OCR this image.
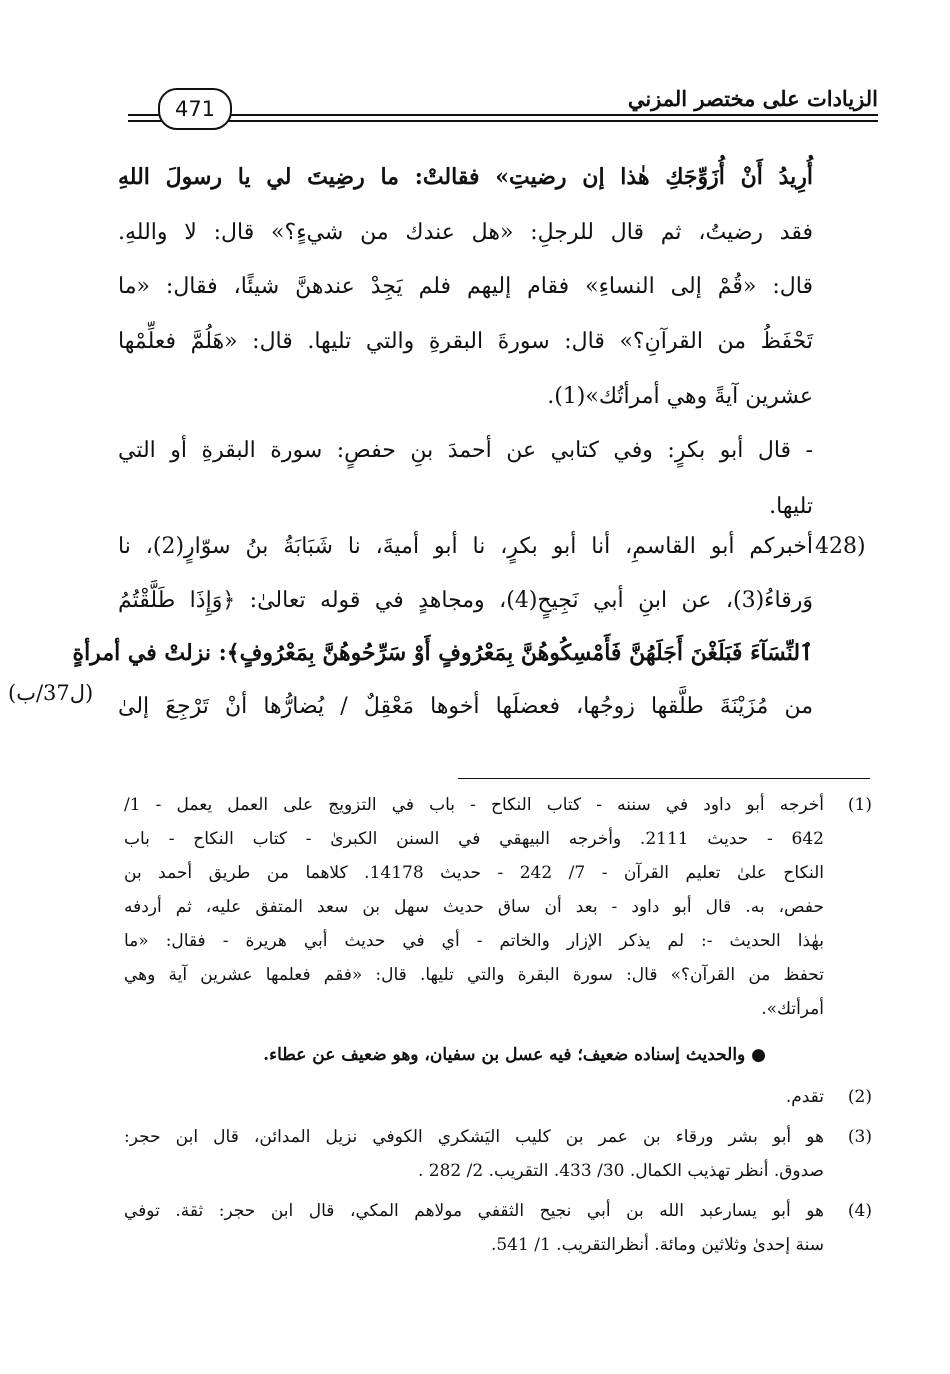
الزيادات على مختصر المزني
471
أُرِيدُ أَنْ أُزَوِّجَكِ هٰذا إن رضيتِ» فقالتْ: ما رضِيتَ لي يا رسولَ اللهِ
فقد رضيتُ، ثم قال للرجلِ: «هل عندك من شيءٍ؟» قال: لا واللهِ.
قال: «قُمْ إلى النساءِ» فقام إليهم فلم يَجِدْ عندهنَّ شيئًا، فقال: «ما
تَحْفَظُ من القرآنِ؟» قال: سورةَ البقرةِ والتي تليها. قال: «هَلُمَّ فعلِّمْها
عشرين آيةً وهي أمرأتُك»(1).
- قال أبو بكرٍ: وفي كتابي عن أحمدَ بنِ حفصٍ: سورة البقرةِ أو التي
تليها.
أخبركم أبو القاسمِ، أنا أبو بكرٍ، نا أبو أميةَ، نا شَبَابَةُ بنُ سوّارٍ(2)، نا
وَرقاءُ(3)، عن ابنِ أبي نَجِيحٍ(4)، ومجاهدٍ في قوله تعالىٰ: ﴿وَإِذَا طَلَّقْتُمُ
ٱلنِّسَآءَ فَبَلَغْنَ أَجَلَهُنَّ فَأَمْسِكُوهُنَّ بِمَعْرُوفٍ أَوْ سَرِّحُوهُنَّ بِمَعْرُوفٍ﴾: نزلتْ في أمرأةٍ
من مُزَيْنَةَ طلَّقها زوجُها، فعضلَها أخوها مَعْقِلٌ / يُضارُّها أنْ تَرْجِعَ إلىٰ
428)
(ل37/ب)
(1)
أخرجه أبو داود في سننه - كتاب النكاح - باب في التزويج على العمل يعمل - 1/
642 - حديث 2111. وأخرجه البيهقي في السنن الكبرىٰ - كتاب النكاح - باب
النكاح علىٰ تعليم القرآن - 7/ 242 - حديث 14178. كلاهما من طريق أحمد بن
حفص، به. قال أبو داود - بعد أن ساق حديث سهل بن سعد المتفق عليه، ثم أردفه
بهٰذا الحديث -: لم يذكر الإزار والخاتم - أي في حديث أبي هريرة - فقال: «ما
تحفظ من القرآن؟» قال: سورة البقرة والتي تليها. قال: «فقم فعلمها عشرين آية وهي
أمرأتك».
● والحديث إسناده ضعيف؛ فيه عسل بن سفيان، وهو ضعيف عن عطاء.
(2)
تقدم.
(3)
هو أبو بشر ورقاء بن عمر بن كليب اليَشكري الكوفي نزيل المدائن، قال ابن حجر:
صدوق. أنظر تهذيب الكمال. 30/ 433. التقريب. 2/ 282 .
(4)
هو أبو يسارعبد الله بن أبي نجيح الثقفي مولاهم المكي، قال ابن حجر: ثقة. توفي
سنة إحدىٰ وثلاثين ومائة. أنظرالتقريب. 1/ 541.
